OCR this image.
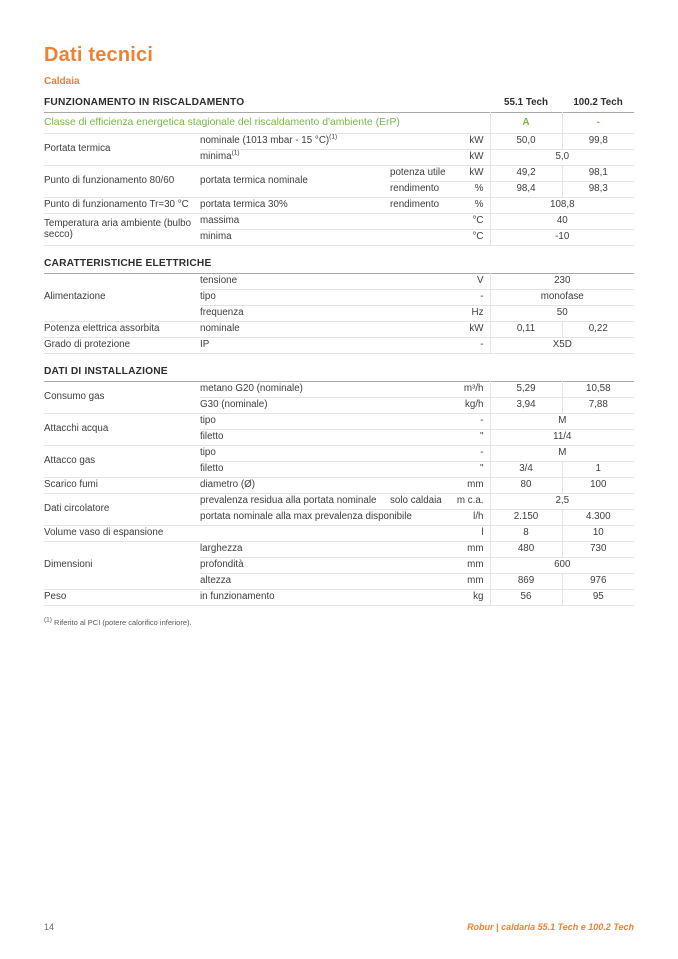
Dati tecnici
Caldaia
FUNZIONAMENTO IN RISCALDAMENTO				55.1 Tech	100.2 Tech
Classe di efficienza energetica stagionale del riscaldamento d'ambiente (ErP)				A	-
Portata termica	nominale (1013 mbar - 15 °C)$^{(1)}$		kW	50,0	99,8
	minima$^{(1)}$		kW	5,0	
Punto di funzionamento 80/60	portata termica nominale	potenza utile	kW	49,2	98,1
		rendimento	%	98,4	98,3
Punto di funzionamento Tr=30 °C	portata termica 30%	rendimento	%	108,8	
Temperatura aria ambiente (bulbo secco)	massima		°C	40	
	minima		°C	-10	
CARATTERISTICHE ELETTRICHE				
Alimentazione	tensione	V	230	
	tipo	-	monofase	
	frequenza	Hz	50	
Potenza elettrica assorbita	nominale	kW	0,11	0,22
Grado di protezione	IP	-	X5D	
DATI DI INSTALLAZIONE					
Consumo gas	metano G20 (nominale)		m³/h	5,29	10,58
	G30 (nominale)		kg/h	3,94	7,88
Attacchi acqua	tipo		-	M	
	filetto		"	11/4	
Attacco gas	tipo		-	M	
	filetto		"	3/4	1
Scarico fumi	diametro (Ø)		mm	80	100
Dati circolatore	prevalenza residua alla portata nominale	solo caldaia	m c.a.	2,5	
	portata nominale alla max prevalenza disponibile		l/h	2.150	4.300
Volume vaso di espansione			l	8	10
Dimensioni	larghezza		mm	480	730
	profondità		mm	600	
	altezza		mm	869	976
Peso	in funzionamento		kg	56	95
$^{(1)}$ Riferito al PCI (potere calorifico inferiore).
14	Robur | caldaria 55.1 Tech e 100.2 Tech
